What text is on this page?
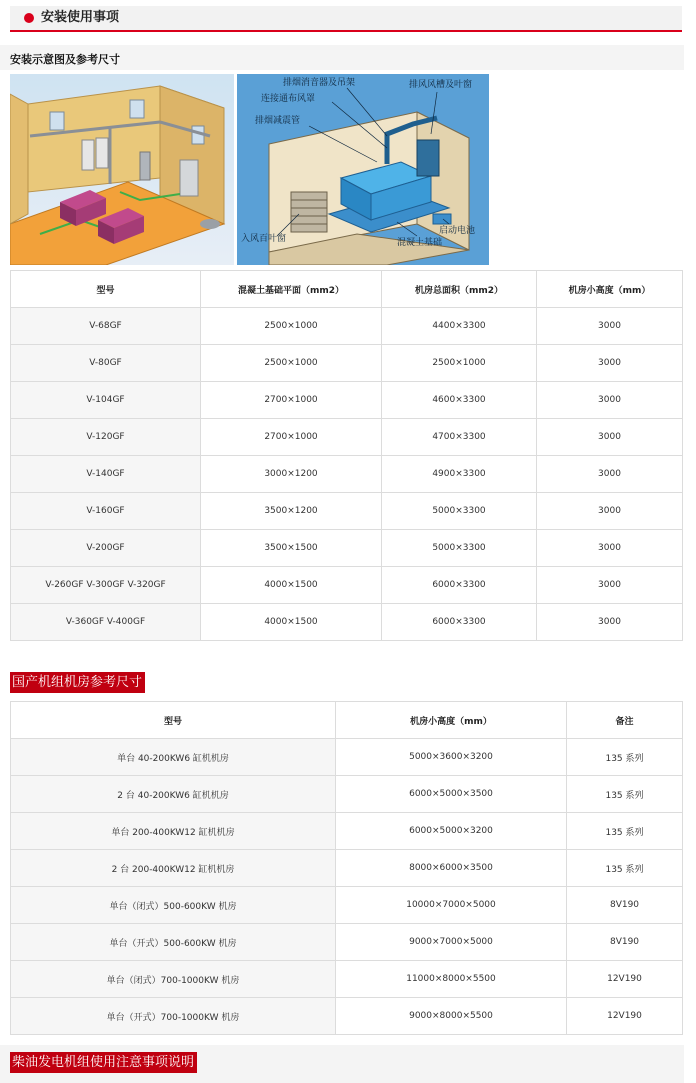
安装使用事项
安装示意图及参考尺寸
排烟消音器及吊架
连接通布风罩
排烟减震管
排风风槽及叶窗
入风百叶窗
启动电池
混凝土基础
型号	混凝土基础平面（mm2）	机房总面积（mm2）	机房小高度（mm）
V-68GF	2500×1000	4400×3300	3000
V-80GF	2500×1000	2500×1000	3000
V-104GF	2700×1000	4600×3300	3000
V-120GF	2700×1000	4700×3300	3000
V-140GF	3000×1200	4900×3300	3000
V-160GF	3500×1200	5000×3300	3000
V-200GF	3500×1500	5000×3300	3000
V-260GF V-300GF V-320GF	4000×1500	6000×3300	3000
V-360GF V-400GF	4000×1500	6000×3300	3000
国产机组机房参考尺寸
型号	机房小高度（mm）	备注
单台 40-200KW6 缸机机房	5000×3600×3200	135 系列
2 台 40-200KW6 缸机机房	6000×5000×3500	135 系列
单台 200-400KW12 缸机机房	6000×5000×3200	135 系列
2 台 200-400KW12 缸机机房	8000×6000×3500	135 系列
单台（闭式）500-600KW 机房	10000×7000×5000	8V190
单台（开式）500-600KW 机房	9000×7000×5000	8V190
单台（闭式）700-1000KW 机房	11000×8000×5500	12V190
单台（开式）700-1000KW 机房	9000×8000×5500	12V190
柴油发电机组使用注意事项说明
